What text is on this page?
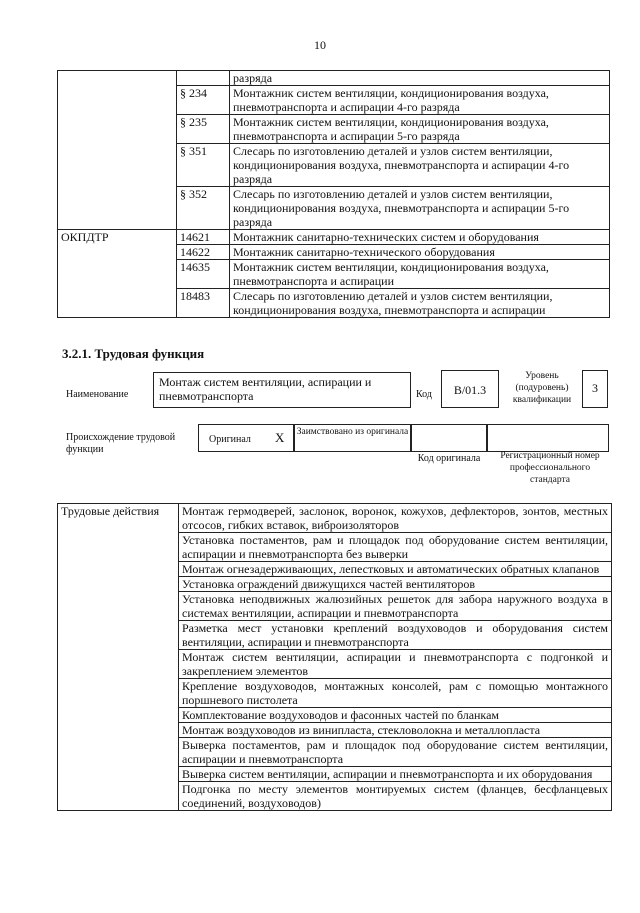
10
		разряда
	§ 234	Монтажник систем вентиляции, кондиционирования воздуха, пневмотранспорта и аспирации 4-го разряда
	§ 235	Монтажник систем вентиляции, кондиционирования воздуха, пневмотранспорта и аспирации 5-го разряда
	§ 351	Слесарь по изготовлению деталей и узлов систем вентиляции, кондиционирования воздуха, пневмотранспорта и аспирации 4-го разряда
	§ 352	Слесарь по изготовлению деталей и узлов систем вентиляции, кондиционирования воздуха, пневмотранспорта и аспирации 5-го разряда
ОКПДТР	14621	Монтажник санитарно-технических систем и оборудования
	14622	Монтажник санитарно-технического оборудования
	14635	Монтажник систем вентиляции, кондиционирования воздуха, пневмотранспорта и аспирации
	18483	Слесарь по изготовлению деталей и узлов систем вентиляции, кондиционирования воздуха, пневмотранспорта и аспирации
3.2.1. Трудовая функция
Наименование
Монтаж систем вентиляции, аспирации и пневмотранспорта	Код	B/01.3
Уровень (подуровень) квалификации
3
Происхождение трудовой функции
Оригинал X Заимствовано из оригинала
Код оригинала	Регистрационный номер профессионального стандарта
Трудовые действия	Монтаж гермодверей, заслонок, воронок, кожухов, дефлекторов, зонтов, местных отсосов, гибких вставок, виброизоляторов
Установка постаментов, рам и площадок под оборудование систем вентиляции, аспирации и пневмотранспорта без выверки
Монтаж огнезадерживающих, лепестковых и автоматических обратных клапанов
Установка ограждений движущихся частей вентиляторов
Установка неподвижных жалюзийных решеток для забора наружного воздуха в системах вентиляции, аспирации и пневмотранспорта
Разметка мест установки креплений воздуховодов и оборудования систем вентиляции, аспирации и пневмотранспорта
Монтаж систем вентиляции, аспирации и пневмотранспорта с подгонкой и закреплением элементов
Крепление воздуховодов, монтажных консолей, рам с помощью монтажного поршневого пистолета
Комплектование воздуховодов и фасонных частей по бланкам
Монтаж воздуховодов из винипласта, стекловолокна и металлопласта
Выверка постаментов, рам и площадок под оборудование систем вентиляции, аспирации и пневмотранспорта
Выверка систем вентиляции, аспирации и пневмотранспорта и их оборудования
Подгонка по месту элементов монтируемых систем (фланцев, бесфланцевых соединений, воздуховодов)
